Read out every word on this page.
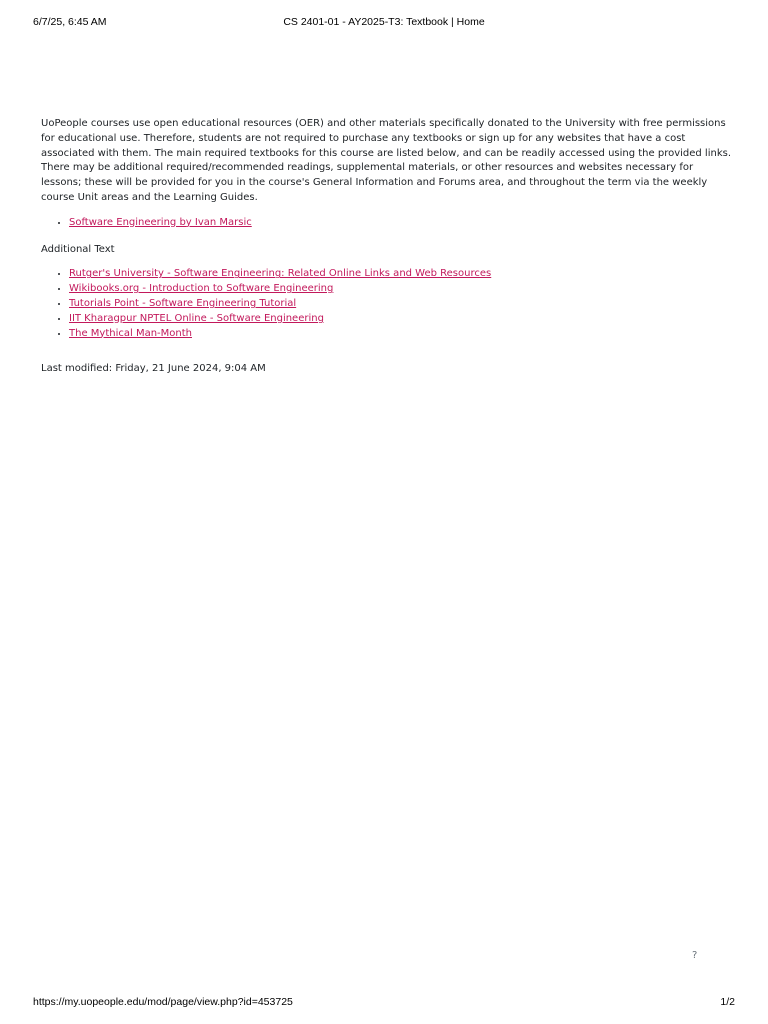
6/7/25, 6:45 AM	CS 2401-01 - AY2025-T3: Textbook | Home

UoPeople courses use open educational resources (OER) and other materials specifically donated to the University with free permissions for educational use. Therefore, students are not required to purchase any textbooks or sign up for any websites that have a cost associated with them. The main required textbooks for this course are listed below, and can be readily accessed using the provided links. There may be additional required/recommended readings, supplemental materials, or other resources and websites necessary for lessons; these will be provided for you in the course's General Information and Forums area, and throughout the term via the weekly course Unit areas and the Learning Guides.

• Software Engineering by Ivan Marsic

Additional Text

• Rutger's University - Software Engineering: Related Online Links and Web Resources
• Wikibooks.org - Introduction to Software Engineering
• Tutorials Point - Software Engineering Tutorial
• IIT Kharagpur NPTEL Online - Software Engineering
• The Mythical Man-Month

Last modified: Friday, 21 June 2024, 9:04 AM

?
https://my.uopeople.edu/mod/page/view.php?id=453725	1/2
